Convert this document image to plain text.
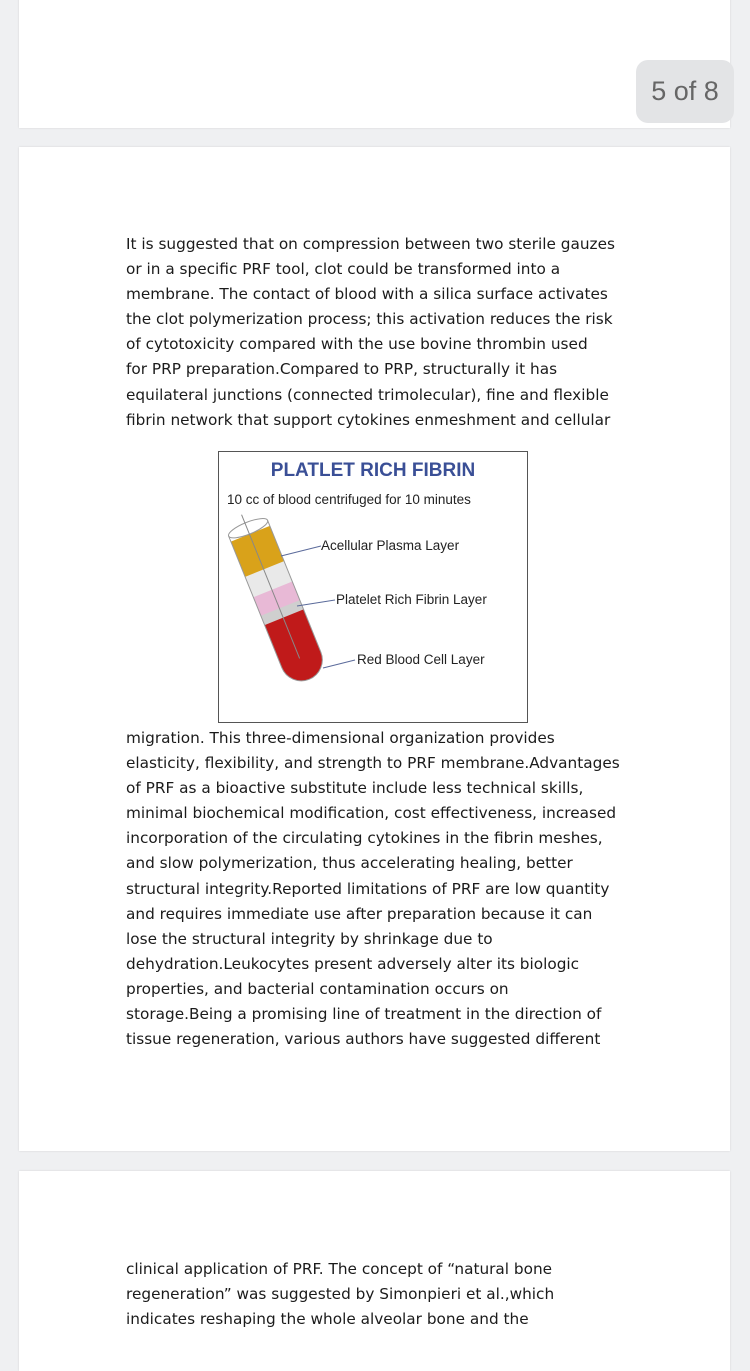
It is suggested that on compression between two sterile gauzes
or in a specific PRF tool, clot could be transformed into a
membrane. The contact of blood with a silica surface activates
the clot polymerization process; this activation reduces the risk
of cytotoxicity compared with the use bovine thrombin used
for PRP preparation.Compared to PRP, structurally it has
equilateral junctions (connected trimolecular), fine and flexible
fibrin network that support cytokines enmeshment and cellular
PLATLET RICH FIBRIN
10 cc of blood centrifuged for 10 minutes
Acellular Plasma Layer
Platelet Rich Fibrin Layer
Red Blood Cell Layer
migration. This three-dimensional organization provides
elasticity, flexibility, and strength to PRF membrane.Advantages
of PRF as a bioactive substitute include less technical skills,
minimal biochemical modification, cost effectiveness, increased
incorporation of the circulating cytokines in the fibrin meshes,
and slow polymerization, thus accelerating healing, better
structural integrity.Reported limitations of PRF are low quantity
and requires immediate use after preparation because it can
lose the structural integrity by shrinkage due to
dehydration.Leukocytes present adversely alter its biologic
properties, and bacterial contamination occurs on
storage.Being a promising line of treatment in the direction of
tissue regeneration, various authors have suggested different
clinical application of PRF. The concept of “natural bone
regeneration” was suggested by Simonpieri et al.,which
indicates reshaping the whole alveolar bone and the
5 of 8
